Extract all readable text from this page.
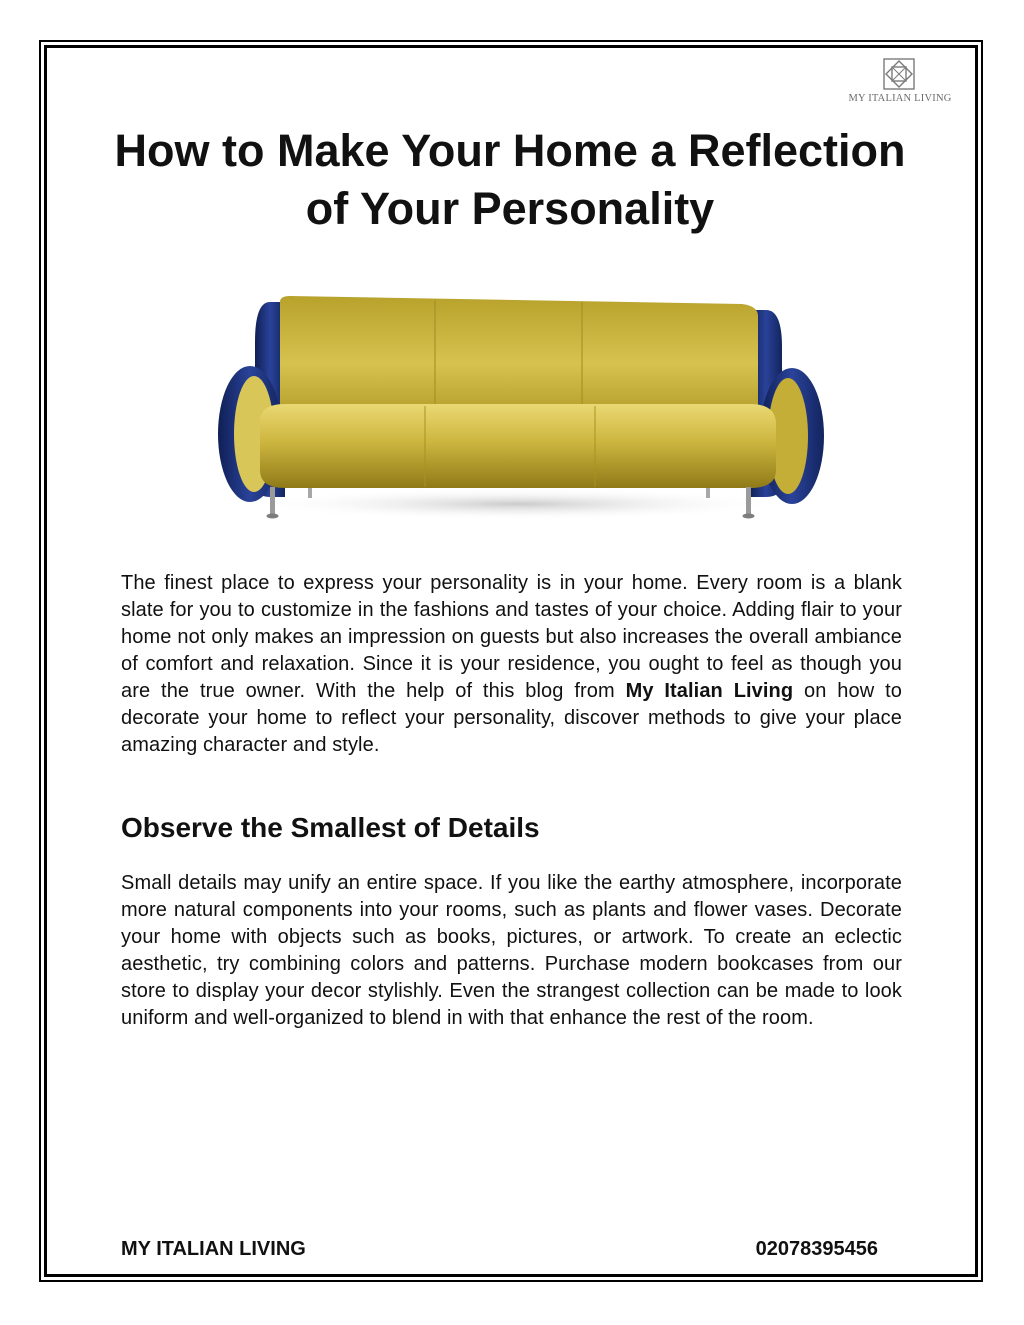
MY ITALIAN LIVING
How to Make Your Home a Reflection of Your Personality

The finest place to express your personality is in your home. Every room is a blank slate for you to customize in the fashions and tastes of your choice. Adding flair to your home not only makes an impression on guests but also increases the overall ambiance of comfort and relaxation. Since it is your residence, you ought to feel as though you are the true owner. With the help of this blog from My Italian Living on how to decorate your home to reflect your personality, discover methods to give your place amazing character and style.

Observe the Smallest of Details

Small details may unify an entire space. If you like the earthy atmosphere, incorporate more natural components into your rooms, such as plants and flower vases. Decorate your home with objects such as books, pictures, or artwork. To create an eclectic aesthetic, try combining colors and patterns. Purchase modern bookcases from our store to display your decor stylishly. Even the strangest collection can be made to look uniform and well-organized to blend in with that enhance the rest of the room.

MY ITALIAN LIVING	02078395456
